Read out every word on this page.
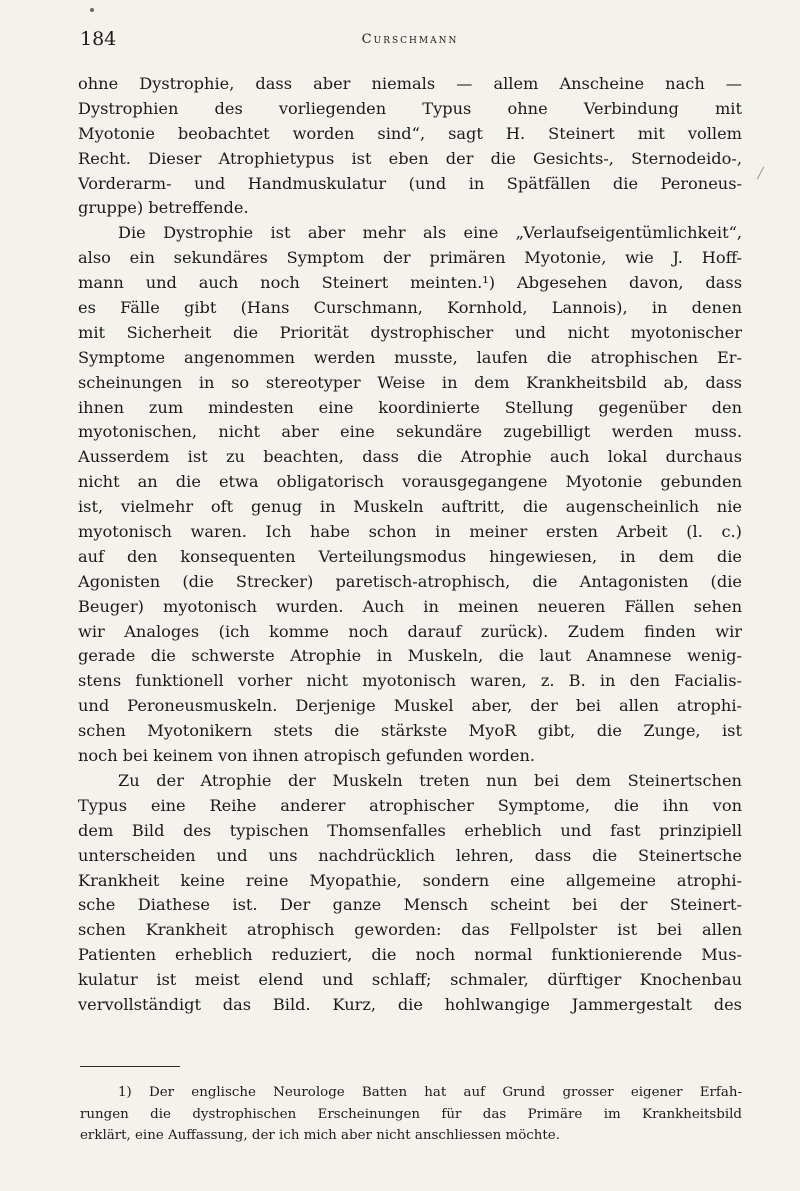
184	Curschmann
ohne Dystrophie, dass aber niemals — allem Anscheine nach —
Dystrophien des vorliegenden Typus ohne Verbindung mit
Myotonie beobachtet worden sind“, sagt H. Steinert mit vollem
Recht. Dieser Atrophietypus ist eben der die Gesichts-, Sternodeido-,
Vorderarm- und Handmuskulatur (und in Spätfällen die Peroneus-
gruppe) betreffende.
Die Dystrophie ist aber mehr als eine „Verlaufseigentümlichkeit“,
also ein sekundäres Symptom der primären Myotonie, wie J. Hoff-
mann und auch noch Steinert meinten.¹) Abgesehen davon, dass
es Fälle gibt (Hans Curschmann, Kornhold, Lannois), in denen
mit Sicherheit die Priorität dystrophischer und nicht myotonischer
Symptome angenommen werden musste, laufen die atrophischen Er-
scheinungen in so stereotyper Weise in dem Krankheitsbild ab, dass
ihnen zum mindesten eine koordinierte Stellung gegenüber den
myotonischen, nicht aber eine sekundäre zugebilligt werden muss.
Ausserdem ist zu beachten, dass die Atrophie auch lokal durchaus
nicht an die etwa obligatorisch vorausgegangene Myotonie gebunden
ist, vielmehr oft genug in Muskeln auftritt, die augenscheinlich nie
myotonisch waren. Ich habe schon in meiner ersten Arbeit (l. c.)
auf den konsequenten Verteilungsmodus hingewiesen, in dem die
Agonisten (die Strecker) paretisch-atrophisch, die Antagonisten (die
Beuger) myotonisch wurden. Auch in meinen neueren Fällen sehen
wir Analoges (ich komme noch darauf zurück). Zudem finden wir
gerade die schwerste Atrophie in Muskeln, die laut Anamnese wenig-
stens funktionell vorher nicht myotonisch waren, z. B. in den Facialis-
und Peroneusmuskeln. Derjenige Muskel aber, der bei allen atrophi-
schen Myotonikern stets die stärkste MyoR gibt, die Zunge, ist
noch bei keinem von ihnen atropisch gefunden worden.
Zu der Atrophie der Muskeln treten nun bei dem Steinertschen
Typus eine Reihe anderer atrophischer Symptome, die ihn von
dem Bild des typischen Thomsenfalles erheblich und fast prinzipiell
unterscheiden und uns nachdrücklich lehren, dass die Steinertsche
Krankheit keine reine Myopathie, sondern eine allgemeine atrophi-
sche Diathese ist. Der ganze Mensch scheint bei der Steinert-
schen Krankheit atrophisch geworden: das Fellpolster ist bei allen
Patienten erheblich reduziert, die noch normal funktionierende Mus-
kulatur ist meist elend und schlaff; schmaler, dürftiger Knochenbau
vervollständigt das Bild. Kurz, die hohlwangige Jammergestalt des
1) Der englische Neurologe Batten hat auf Grund grosser eigener Erfah-
rungen die dystrophischen Erscheinungen für das Primäre im Krankheitsbild
erklärt, eine Auffassung, der ich mich aber nicht anschliessen möchte.
